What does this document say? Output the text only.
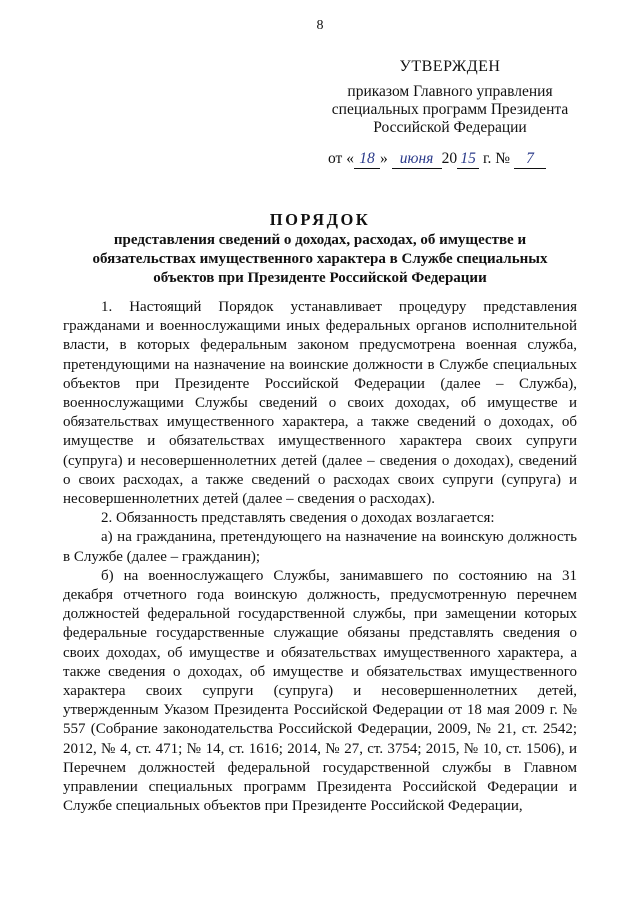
8
УТВЕРЖДЕН
приказом Главного управления
специальных программ Президента
Российской Федерации
от « 18 » июня 20 15 г. № 7
ПОРЯДОК
представления сведений о доходах, расходах, об имуществе и
обязательствах имущественного характера в Службе специальных
объектов при Президенте Российской Федерации

1. Настоящий Порядок устанавливает процедуру представления гражданами и военнослужащими иных федеральных органов исполнительной власти, в которых федеральным законом предусмотрена военная служба, претендующими на назначение на воинские должности в Службе специальных объектов при Президенте Российской Федерации (далее – Служба), военнослужащими Службы сведений о своих доходах, об имуществе и обязательствах имущественного характера, а также сведений о доходах, об имуществе и обязательствах имущественного характера своих супруги (супруга) и несовершеннолетних детей (далее – сведения о доходах), сведений о своих расходах, а также сведений о расходах своих супруги (супруга) и несовершеннолетних детей (далее – сведения о расходах).

2. Обязанность представлять сведения о доходах возлагается:

а) на гражданина, претендующего на назначение на воинскую должность в Службе (далее – гражданин);

б) на военнослужащего Службы, занимавшего по состоянию на 31 декабря отчетного года воинскую должность, предусмотренную перечнем должностей федеральной государственной службы, при замещении которых федеральные государственные служащие обязаны представлять сведения о своих доходах, об имуществе и обязательствах имущественного характера, а также сведения о доходах, об имуществе и обязательствах имущественного характера своих супруги (супруга) и несовершеннолетних детей, утвержденным Указом Президента Российской Федерации от 18 мая 2009 г. № 557 (Собрание законодательства Российской Федерации, 2009, № 21, ст. 2542; 2012, № 4, ст. 471; № 14, ст. 1616; 2014, № 27, ст. 3754; 2015, № 10, ст. 1506), и Перечнем должностей федеральной государственной службы в Главном управлении специальных программ Президента Российской Федерации и Службе специальных объектов при Президенте Российской Федерации,
